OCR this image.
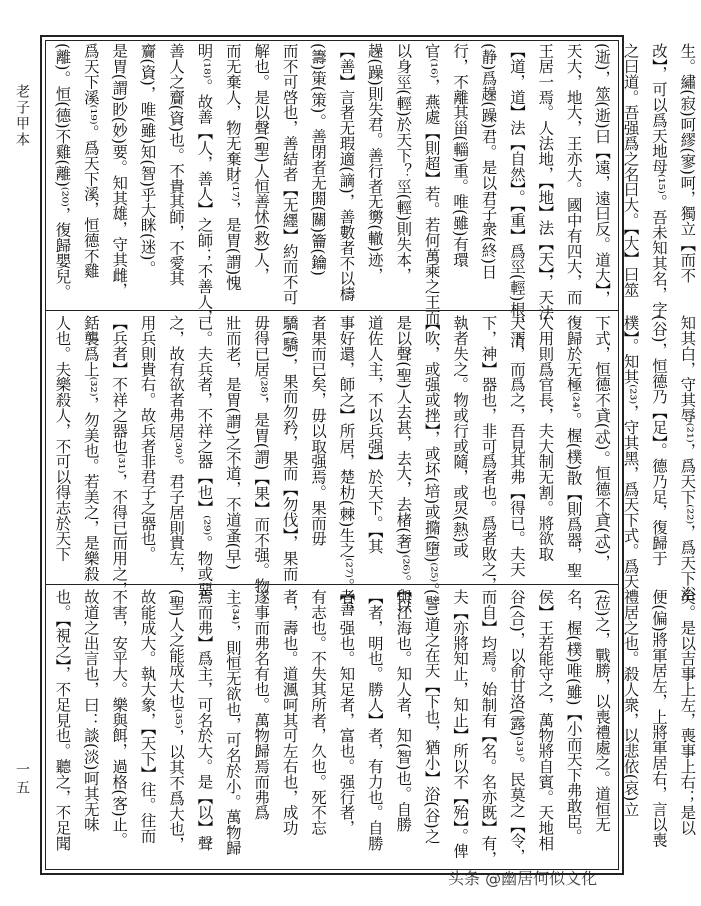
老子甲本
一五
生。繡(寂)呵繆(寥)呵，獨立【而不
改】，可以爲天地母⁽¹⁵⁾。吾未知其名，字
之曰道。吾强爲之名曰大。【大】曰筮
(逝)，筮(逝)曰【遠，遠曰反。道大】，
天大，地大，王亦大。國中有四大，而
王居一焉。人法地，【地】法【天】，天法
【道，道】法【自然】。【重】爲巠(輕)根，清
(静)爲趮(躁)君。是以君子衆(終)日
行，不離其甾(輜)重。唯(雖)有環
官⁽¹⁶⁾，燕處【則超】若。若何萬乘之王而
以身巠(輕)於天下？巠(輕)則失本，
趮(躁)則失君。善行者无勶(轍)迹，
【善】言者无瑕適(謫)，善數者不以檮
(籌)䇿(策)。善閉者无閞(關)籥(鑰)
而不可啓也，善結者【无纆】約而不可
解也。是以聲(聖)人恒善怵(救)人，
而无棄人，物无棄財⁽¹⁷⁾，是胃(謂)愧
明⁽¹⁸⁾。故善【人，善人】之師；不善人，
善人之齎(資)也。不貴其師，不愛其
齎(資)，唯(雖)知(智)乎大眯(迷)。
是胃(謂)眇(妙)要。知其雄，守其雌，
爲天下溪⁽¹⁹⁾。爲天下溪，恒德不雞
(離)。恒(德)不雞(離)⁽²⁰⁾，復歸嬰兒。
知其白，守其辱⁽²¹⁾，爲天下⁽²²⁾，爲天下浴
(谷)，恒德乃【足】。德乃足，復歸于
樸】。知其⁽²³⁾，守其黑，爲天下式。爲天
下式，恒德不貣(忒)。恒德不貣(忒)，
復歸於无極⁽²⁴⁾。楃(樸)散【則爲器，聖
人用則爲官長，夫大制无割。將欲取
天下，而爲之，吾見其弗【得已。夫天
下，神】器也，非可爲者也。爲者敗之，
執者失之。物或行或隨，或炅(熱)或
【吹，或强或挫】，或坏(培)或撱(墮)⁽²⁵⁾。
是以聲(聖)人去甚，去大，去楮(奢)⁽²⁶⁾。【以
道佐人主，不以兵强】於天下。【其
事好還，師之】所居，楚朸(棘)生之⁽²⁷⁾。【善
者果而已矣，毋以取强焉。果而毋
驕(驕)，果而勿矜，果而【勿伐】，果而
毋得已居⁽²⁸⁾，是胃(謂)【果】而不强。物
壯而老，是胃(謂)之不道，不道蚤(早)
已。夫兵者，不祥之器【也】⁽²⁹⁾。物或惡
之，故有欲者弗居⁽³⁰⁾。君子居則貴左，
用兵則貴右。故兵者非君子之器也。
【兵者】不祥之器也⁽³¹⁾，不得已而用之，
銛襲爲上⁽³²⁾，勿美也。若美之，是樂殺
人也。夫樂殺人，不可以得志於天下
矣。是以吉事上左，喪事上右；是以
便(偏)將軍居左，上將軍居右，言以喪
禮居之也。殺人衆，以悲依(哀)立
(莅)之，戰勝，以喪禮處之。道恒无
名，楃(樸)唯(雖)【小而天下弗敢臣。
侯】王若能守之，萬物將自賓。天地相
谷(合)，以俞甘洛(露)⁽³³⁾。民莫之【令，
而自】均焉。始制有【名。名亦既】有，
夫【亦將知止，知止】所以不【殆】。俾
(譬)道之在天【下也，猶小】浴(谷)之
與江海也。知人者，知(智)也。自勝
【者，明也。勝人】者，有力也。自勝
者，强也。知足者，富也。强行者，
有志也。不失其所者，久也。死不忘
者，壽也。道渢呵其可左右也，成功
遂事而弗名有也。萬物歸焉而弗爲
主⁽³⁴⁾，則恒无欲也，可名於小。萬物歸
焉而弗】爲主，可名於大。是【以】聲
(聖)人之能成大也⁽³⁵⁾，以其不爲大也，
故能成大。執大象，【天下】往。往而
不害，安平大。樂與餌，過格(客)止。
故道之出言也，曰：談(淡)呵其无味
也。【視之】，不足見也。聽之，不足聞
头条 @幽居何似文化
